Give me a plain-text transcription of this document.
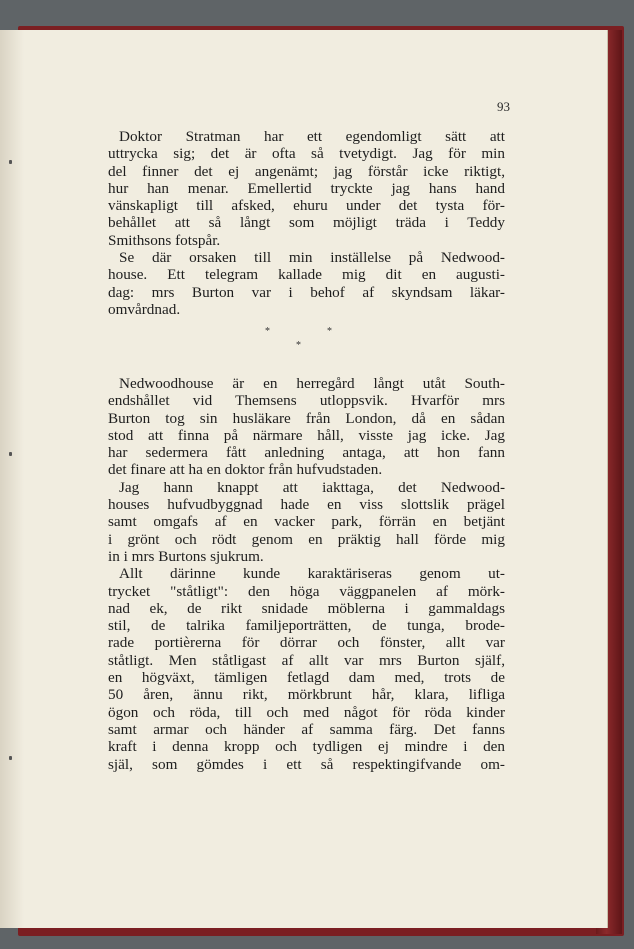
93
Doktor Stratman har ett egendomligt sätt att
uttrycka sig; det är ofta så tvetydigt. Jag för min
del finner det ej angenämt; jag förstår icke riktigt,
hur han menar. Emellertid tryckte jag hans hand
vänskapligt till afsked, ehuru under det tysta för-
behållet att så långt som möjligt träda i Teddy
Smithsons fotspår.
Se där orsaken till min inställelse på Nedwood-
house. Ett telegram kallade mig dit en augusti-
dag: mrs Burton var i behof af skyndsam läkar-
omvårdnad.
*	*
*
Nedwoodhouse är en herregård långt utåt South-
endshållet vid Themsens utloppsvik. Hvarför mrs
Burton tog sin husläkare från London, då en sådan
stod att finna på närmare håll, visste jag icke. Jag
har sedermera fått anledning antaga, att hon fann
det finare att ha en doktor från hufvudstaden.
Jag hann knappt att iakttaga, det Nedwood-
houses hufvudbyggnad hade en viss slottslik prägel
samt omgafs af en vacker park, förrän en betjänt
i grönt och rödt genom en präktig hall förde mig
in i mrs Burtons sjukrum.
Allt därinne kunde karaktäriseras genom ut-
trycket "ståtligt": den höga väggpanelen af mörk-
nad ek, de rikt snidade möblerna i gammaldags
stil, de talrika familjeporträtten, de tunga, brode-
rade portièrerna för dörrar och fönster, allt var
ståtligt. Men ståtligast af allt var mrs Burton själf,
en högväxt, tämligen fetlagd dam med, trots de
50 åren, ännu rikt, mörkbrunt hår, klara, lifliga
ögon och röda, till och med något för röda kinder
samt armar och händer af samma färg. Det fanns
kraft i denna kropp och tydligen ej mindre i den
själ, som gömdes i ett så respektingifvande om-
